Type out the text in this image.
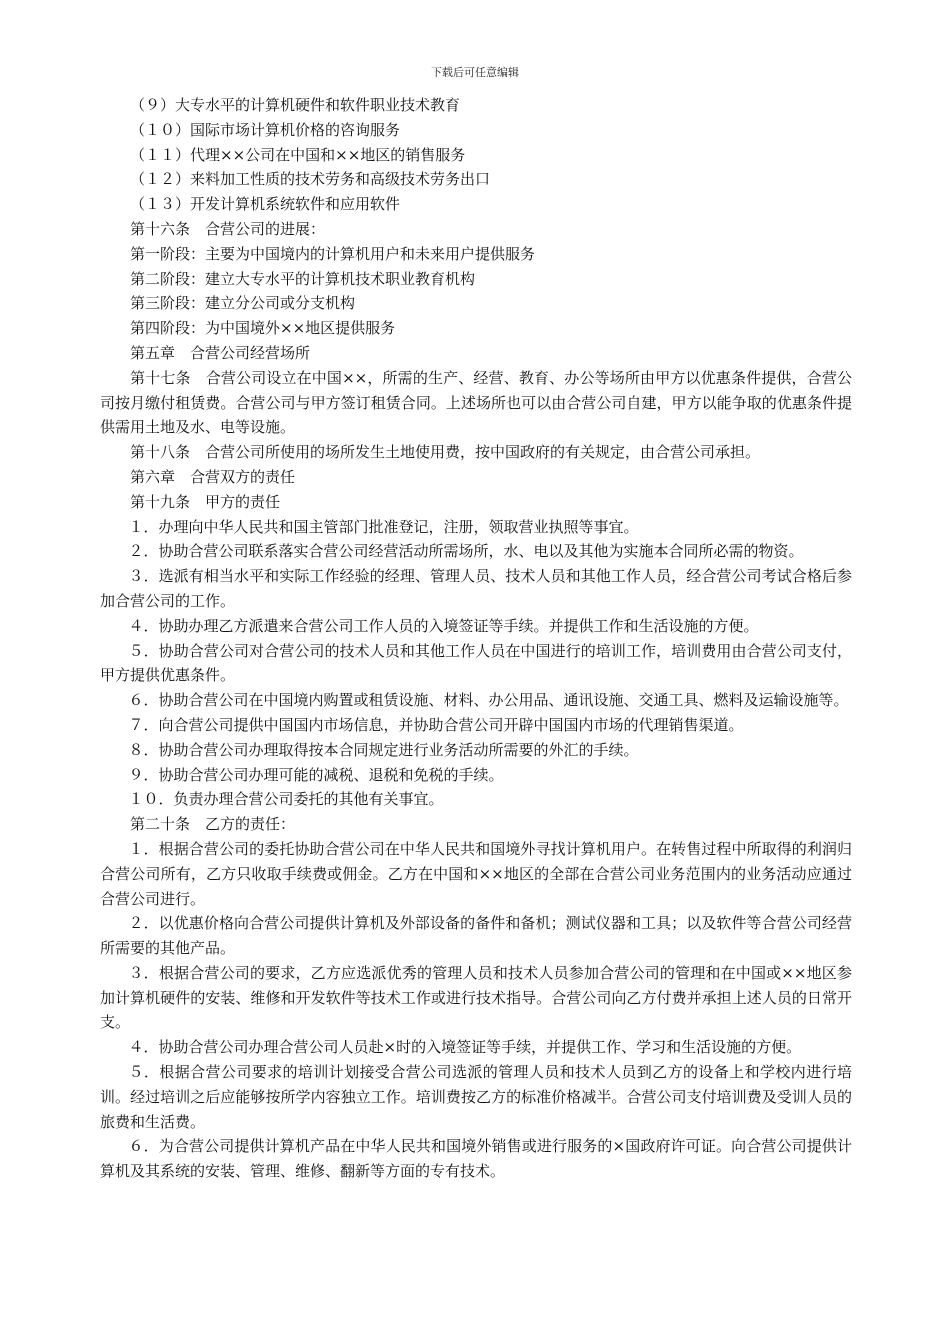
下载后可任意编辑

（９）大专水平的计算机硬件和软件职业技术教育

（１０）国际市场计算机价格的咨询服务

（１１）代理××公司在中国和××地区的销售服务

（１２）来料加工性质的技术劳务和高级技术劳务出口

（１３）开发计算机系统软件和应用软件

第十六条　合营公司的进展：

第一阶段：主要为中国境内的计算机用户和未来用户提供服务

第二阶段：建立大专水平的计算机技术职业教育机构

第三阶段：建立分公司或分支机构

第四阶段：为中国境外××地区提供服务

第五章　合营公司经营场所

第十七条　合营公司设立在中国××，所需的生产、经营、教育、办公等场所由甲方以优惠条件提供，合营公司按月缴付租赁费。合营公司与甲方签订租赁合同。上述场所也可以由合营公司自建，甲方以能争取的优惠条件提供需用土地及水、电等设施。

第十八条　合营公司所使用的场所发生土地使用费，按中国政府的有关规定，由合营公司承担。

第六章　合营双方的责任

第十九条　甲方的责任

１．办理向中华人民共和国主管部门批准登记，注册，领取营业执照等事宜。

２．协助合营公司联系落实合营公司经营活动所需场所，水、电以及其他为实施本合同所必需的物资。

３．选派有相当水平和实际工作经验的经理、管理人员、技术人员和其他工作人员，经合营公司考试合格后参加合营公司的工作。

４．协助办理乙方派遣来合营公司工作人员的入境签证等手续。并提供工作和生活设施的方便。

５．协助合营公司对合营公司的技术人员和其他工作人员在中国进行的培训工作，培训费用由合营公司支付，甲方提供优惠条件。

６．协助合营公司在中国境内购置或租赁设施、材料、办公用品、通讯设施、交通工具、燃料及运输设施等。

７．向合营公司提供中国国内市场信息，并协助合营公司开辟中国国内市场的代理销售渠道。

８．协助合营公司办理取得按本合同规定进行业务活动所需要的外汇的手续。

９．协助合营公司办理可能的减税、退税和免税的手续。

１０．负责办理合营公司委托的其他有关事宜。

第二十条　乙方的责任：

１．根据合营公司的委托协助合营公司在中华人民共和国境外寻找计算机用户。在转售过程中所取得的利润归合营公司所有，乙方只收取手续费或佣金。乙方在中国和××地区的全部在合营公司业务范围内的业务活动应通过合营公司进行。

２．以优惠价格向合营公司提供计算机及外部设备的备件和备机；测试仪器和工具；以及软件等合营公司经营所需要的其他产品。

３．根据合营公司的要求，乙方应选派优秀的管理人员和技术人员参加合营公司的管理和在中国或××地区参加计算机硬件的安装、维修和开发软件等技术工作或进行技术指导。合营公司向乙方付费并承担上述人员的日常开支。

４．协助合营公司办理合营公司人员赴×时的入境签证等手续，并提供工作、学习和生活设施的方便。

５．根据合营公司要求的培训计划接受合营公司选派的管理人员和技术人员到乙方的设备上和学校内进行培训。经过培训之后应能够按所学内容独立工作。培训费按乙方的标准价格减半。合营公司支付培训费及受训人员的旅费和生活费。

６．为合营公司提供计算机产品在中华人民共和国境外销售或进行服务的×国政府许可证。向合营公司提供计算机及其系统的安装、管理、维修、翻新等方面的专有技术。
